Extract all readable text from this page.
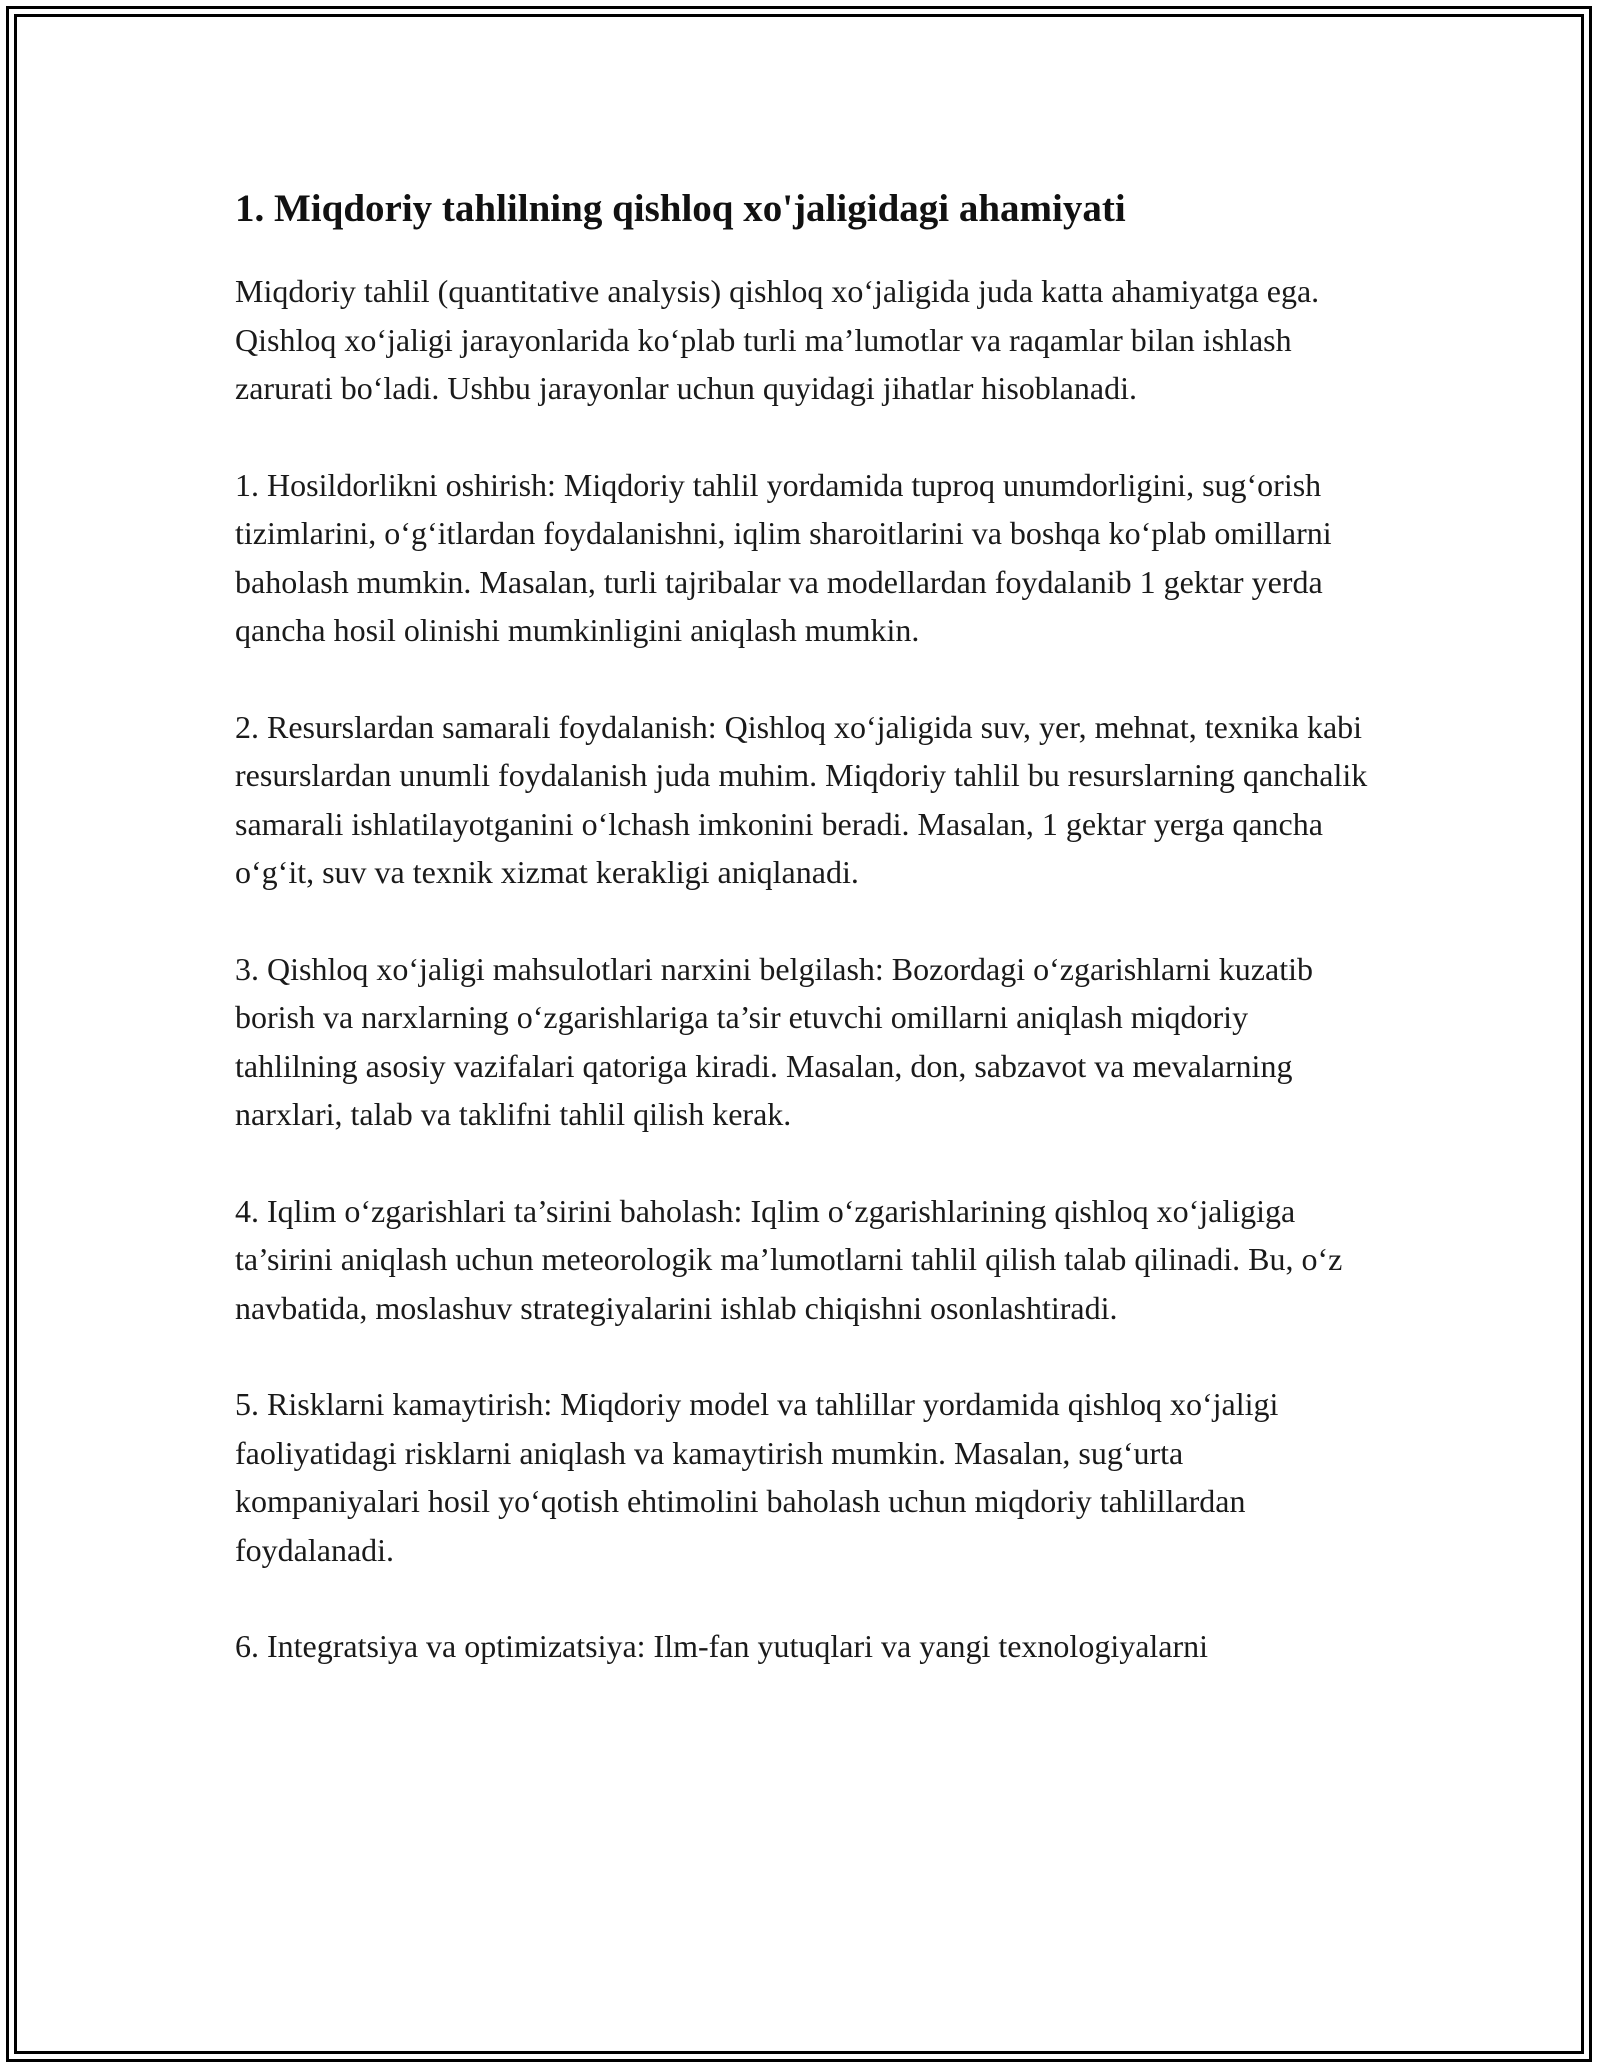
1. Miqdoriy tahlilning qishloq xo'jaligidagi ahamiyati

Miqdoriy tahlil (quantitative analysis) qishloq xo‘jaligida juda katta ahamiyatga ega. Qishloq xo‘jaligi jarayonlarida ko‘plab turli ma’lumotlar va raqamlar bilan ishlash zarurati bo‘ladi. Ushbu jarayonlar uchun quyidagi jihatlar hisoblanadi.

1. Hosildorlikni oshirish: Miqdoriy tahlil yordamida tuproq unumdorligini, sug‘orish tizimlarini, o‘g‘itlardan foydalanishni, iqlim sharoitlarini va boshqa ko‘plab omillarni baholash mumkin. Masalan, turli tajribalar va modellardan foydalanib 1 gektar yerda qancha hosil olinishi mumkinligini aniqlash mumkin.

2. Resurslardan samarali foydalanish: Qishloq xo‘jaligida suv, yer, mehnat, texnika kabi resurslardan unumli foydalanish juda muhim. Miqdoriy tahlil bu resurslarning qanchalik samarali ishlatilayotganini o‘lchash imkonini beradi. Masalan, 1 gektar yerga qancha o‘g‘it, suv va texnik xizmat kerakligi aniqlanadi.

3. Qishloq xo‘jaligi mahsulotlari narxini belgilash: Bozordagi o‘zgarishlarni kuzatib borish va narxlarning o‘zgarishlariga ta’sir etuvchi omillarni aniqlash miqdoriy tahlilning asosiy vazifalari qatoriga kiradi. Masalan, don, sabzavot va mevalarning narxlari, talab va taklifni tahlil qilish kerak.

4. Iqlim o‘zgarishlari ta’sirini baholash: Iqlim o‘zgarishlarining qishloq xo‘jaligiga ta’sirini aniqlash uchun meteorologik ma’lumotlarni tahlil qilish talab qilinadi. Bu, o‘z navbatida, moslashuv strategiyalarini ishlab chiqishni osonlashtiradi.

5. Risklarni kamaytirish: Miqdoriy model va tahlillar yordamida qishloq xo‘jaligi faoliyatidagi risklarni aniqlash va kamaytirish mumkin. Masalan, sug‘urta kompaniyalari hosil yo‘qotish ehtimolini baholash uchun miqdoriy tahlillardan foydalanadi.

6. Integratsiya va optimizatsiya: Ilm-fan yutuqlari va yangi texnologiyalarni
